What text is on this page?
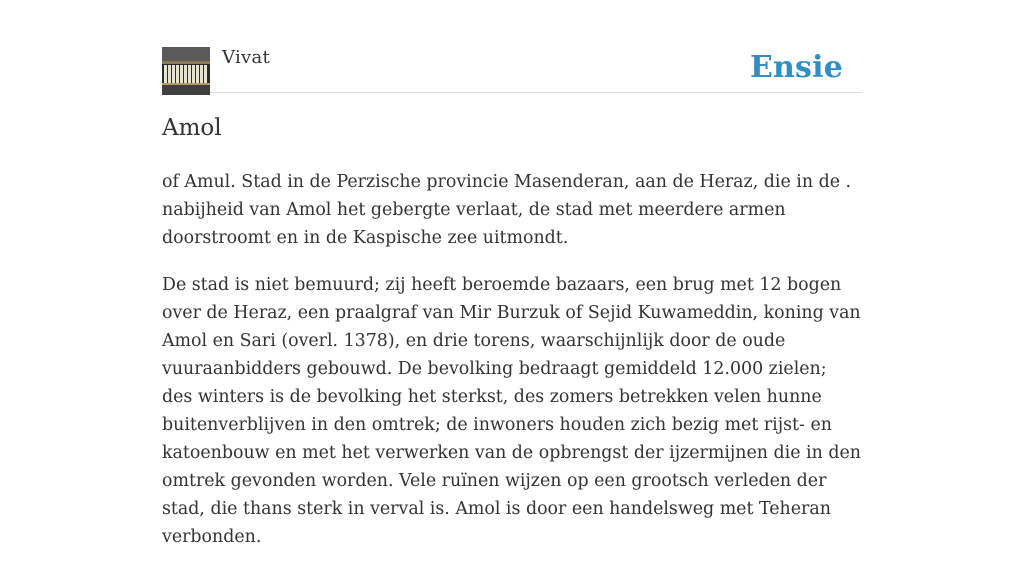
Vivat	Ensie
Amol

of Amul. Stad in de Perzische provincie Masenderan, aan de Heraz, die in de . nabijheid van Amol het gebergte verlaat, de stad met meerdere armen doorstroomt en in de Kaspische zee uitmondt.

De stad is niet bemuurd; zij heeft beroemde bazaars, een brug met 12 bogen over de Heraz, een praalgraf van Mir Burzuk of Sejid Kuwameddin, koning van Amol en Sari (overl. 1378), en drie torens, waarschijnlijk door de oude vuuraanbidders gebouwd. De bevolking bedraagt gemiddeld 12.000 zielen; des winters is de bevolking het sterkst, des zomers betrekken velen hunne buitenverblijven in den omtrek; de inwoners houden zich bezig met rijst- en katoenbouw en met het verwerken van de opbrengst der ijzermijnen die in den omtrek gevonden worden. Vele ruïnen wijzen op een grootsch verleden der stad, die thans sterk in verval is. Amol is door een handelsweg met Teheran verbonden.
